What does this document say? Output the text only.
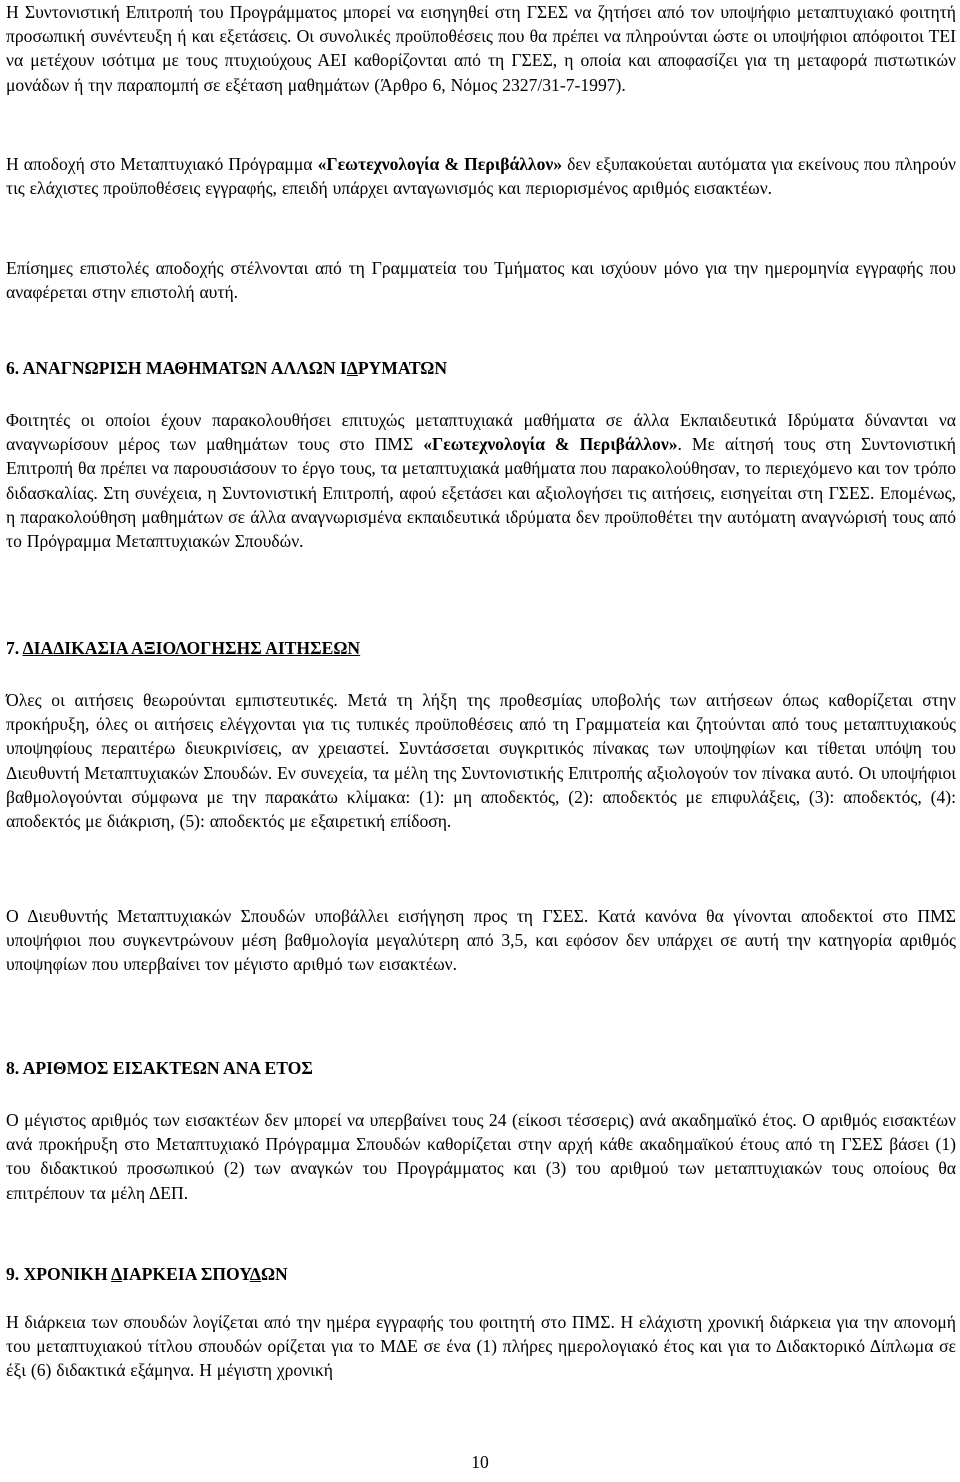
Η Συντονιστική Επιτροπή του Προγράμματος μπορεί να εισηγηθεί στη ΓΣΕΣ να ζητήσει από τον υποψήφιο μεταπτυχιακό φοιτητή προσωπική συνέντευξη ή και εξετάσεις. Οι συνολικές προϋποθέσεις που θα πρέπει να πληρούνται ώστε οι υποψήφιοι απόφοιτοι ΤΕΙ να μετέχουν ισότιμα με τους πτυχιούχους ΑΕΙ καθορίζονται από τη ΓΣΕΣ, η οποία και αποφασίζει για τη μεταφορά πιστωτικών μονάδων ή την παραπομπή σε εξέταση μαθημάτων (Άρθρο 6, Νόμος 2327/31-7-1997).

Η αποδοχή στο Μεταπτυχιακό Πρόγραμμα «Γεωτεχνολογία & Περιβάλλον» δεν εξυπακούεται αυτόματα για εκείνους που πληρούν τις ελάχιστες προϋποθέσεις εγγραφής, επειδή υπάρχει ανταγωνισμός και περιορισμένος αριθμός εισακτέων.

Επίσημες επιστολές αποδοχής στέλνονται από τη Γραμματεία του Τμήματος και ισχύουν μόνο για την ημερομηνία εγγραφής που αναφέρεται στην επιστολή αυτή.

6. ΑΝΑΓΝΩΡΙΣΗ ΜΑΘΗΜΑΤΩΝ ΑΛΛΩΝ ΙΔΡΥΜΑΤΩΝ

Φοιτητές οι οποίοι έχουν παρακολουθήσει επιτυχώς μεταπτυχιακά μαθήματα σε άλλα Εκπαιδευτικά Ιδρύματα δύνανται να αναγνωρίσουν μέρος των μαθημάτων τους στο ΠΜΣ «Γεωτεχνολογία & Περιβάλλον». Με αίτησή τους στη Συντονιστική Επιτροπή θα πρέπει να παρουσιάσουν το έργο τους, τα μεταπτυχιακά μαθήματα που παρακολούθησαν, το περιεχόμενο και τον τρόπο διδασκαλίας. Στη συνέχεια, η Συντονιστική Επιτροπή, αφού εξετάσει και αξιολογήσει τις αιτήσεις, εισηγείται στη ΓΣΕΣ. Επομένως, η παρακολούθηση μαθημάτων σε άλλα αναγνωρισμένα εκπαιδευτικά ιδρύματα δεν προϋποθέτει την αυτόματη αναγνώρισή τους από το Πρόγραμμα Μεταπτυχιακών Σπουδών.

7. ΔΙΑΔΙΚΑΣΙΑ ΑΞΙΟΛΟΓΗΣΗΣ ΑΙΤΗΣΕΩΝ

Όλες οι αιτήσεις θεωρούνται εμπιστευτικές. Μετά τη λήξη της προθεσμίας υποβολής των αιτήσεων όπως καθορίζεται στην προκήρυξη, όλες οι αιτήσεις ελέγχονται για τις τυπικές προϋποθέσεις από τη Γραμματεία και ζητούνται από τους μεταπτυχιακούς υποψηφίους περαιτέρω διευκρινίσεις, αν χρειαστεί. Συντάσσεται συγκριτικός πίνακας των υποψηφίων και τίθεται υπόψη του Διευθυντή Μεταπτυχιακών Σπουδών. Εν συνεχεία, τα μέλη της Συντονιστικής Επιτροπής αξιολογούν τον πίνακα αυτό. Οι υποψήφιοι βαθμολογούνται σύμφωνα με την παρακάτω κλίμακα: (1): μη αποδεκτός, (2): αποδεκτός με επιφυλάξεις, (3): αποδεκτός, (4): αποδεκτός με διάκριση, (5): αποδεκτός με εξαιρετική επίδοση.

Ο Διευθυντής Μεταπτυχιακών Σπουδών υποβάλλει εισήγηση προς τη ΓΣΕΣ. Κατά κανόνα θα γίνονται αποδεκτοί στο ΠΜΣ υποψήφιοι που συγκεντρώνουν μέση βαθμολογία μεγαλύτερη από 3,5, και εφόσον δεν υπάρχει σε αυτή την κατηγορία αριθμός υποψηφίων που υπερβαίνει τον μέγιστο αριθμό των εισακτέων.

8. ΑΡΙΘΜΟΣ ΕΙΣΑΚΤΕΩΝ ΑΝΑ ΕΤΟΣ

Ο μέγιστος αριθμός των εισακτέων δεν μπορεί να υπερβαίνει τους 24 (είκοσι τέσσερις) ανά ακαδημαϊκό έτος. Ο αριθμός εισακτέων ανά προκήρυξη στο Μεταπτυχιακό Πρόγραμμα Σπουδών καθορίζεται στην αρχή κάθε ακαδημαϊκού έτους από τη ΓΣΕΣ βάσει (1) του διδακτικού προσωπικού (2) των αναγκών του Προγράμματος και (3) του αριθμού των μεταπτυχιακών τους οποίους θα επιτρέπουν τα μέλη ΔΕΠ.

9. ΧΡΟΝΙΚΗ ΔΙΑΡΚΕΙΑ ΣΠΟΥΔΩΝ

Η διάρκεια των σπουδών λογίζεται από την ημέρα εγγραφής του φοιτητή στο ΠΜΣ. Η ελάχιστη χρονική διάρκεια για την απονομή του μεταπτυχιακού τίτλου σπουδών ορίζεται για το ΜΔΕ σε ένα (1) πλήρες ημερολογιακό έτος και για το Διδακτορικό Δίπλωμα σε έξι (6) διδακτικά εξάμηνα. Η μέγιστη χρονική

10
